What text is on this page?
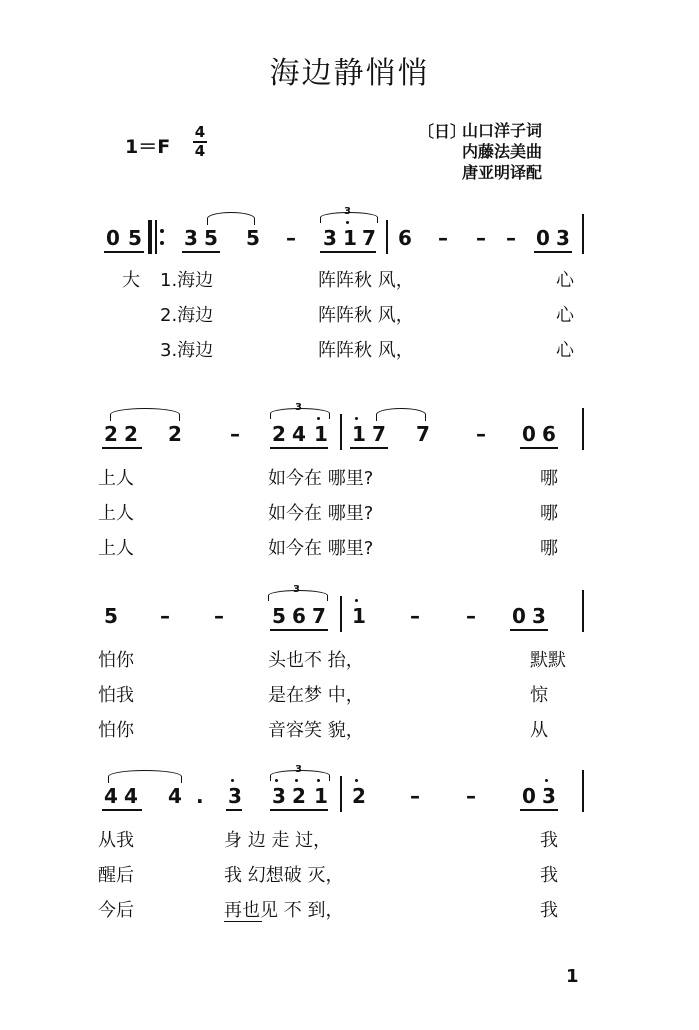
海边静悄悄
1＝F
4
4
〔日〕
山口洋子词
内藤法美曲
唐亚明译配
0 5 3 5 5 –
3
3 1 7 6 – – – 0 3
大 1.海边	阵阵秋 风，	心
2.海边	阵阵秋 风，	心
3.海边	阵阵秋 风，	心
2 2 2 –
3
2 4 1 1 7 7 – 0 6
上人	如今在 哪里?	哪
上人	如今在 哪里?	哪
上人	如今在 哪里?	哪
5 – –
3
5 6 7 1 – – 0 3
怕你	头也不 抬，	默默
怕我	是在梦 中，	惊
怕你	音容笑 貌，	从
4 4 4 . 3
3
3 2 1 2 – – 0 3
从我	身 边 走 过，	我
醒后	我 幻想破 灭，	我
今后	再也见 不 到，	我
1
